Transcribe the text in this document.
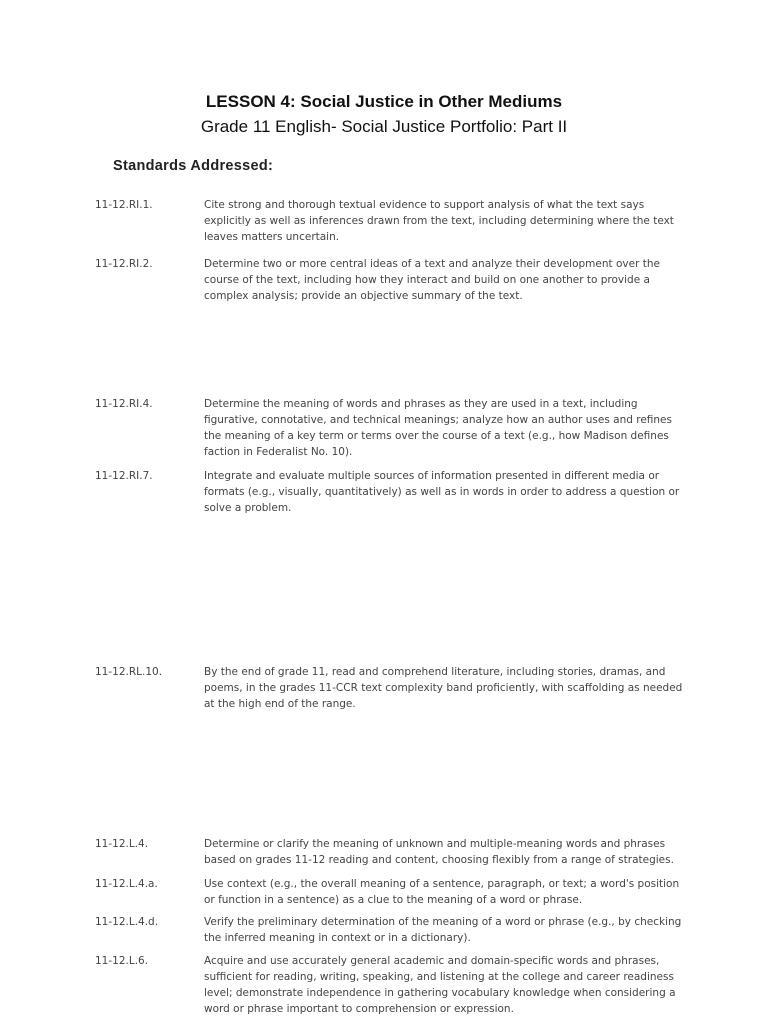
LESSON 4: Social Justice in Other Mediums
Grade 11 English- Social Justice Portfolio: Part II
Standards Addressed:
11-12.RI.1.	Cite strong and thorough textual evidence to support analysis of what the text says explicitly as well as inferences drawn from the text, including determining where the text leaves matters uncertain.
11-12.RI.2.	Determine two or more central ideas of a text and analyze their development over the course of the text, including how they interact and build on one another to provide a complex analysis; provide an objective summary of the text.
11-12.RI.4.	Determine the meaning of words and phrases as they are used in a text, including figurative, connotative, and technical meanings; analyze how an author uses and refines the meaning of a key term or terms over the course of a text (e.g., how Madison defines faction in Federalist No. 10).
11-12.RI.7.	Integrate and evaluate multiple sources of information presented in different media or formats (e.g., visually, quantitatively) as well as in words in order to address a question or solve a problem.
11-12.RL.10.	By the end of grade 11, read and comprehend literature, including stories, dramas, and poems, in the grades 11-CCR text complexity band proficiently, with scaffolding as needed at the high end of the range.
11-12.L.4.	Determine or clarify the meaning of unknown and multiple-meaning words and phrases based on grades 11-12 reading and content, choosing flexibly from a range of strategies.
11-12.L.4.a.	Use context (e.g., the overall meaning of a sentence, paragraph, or text; a word's position or function in a sentence) as a clue to the meaning of a word or phrase.
11-12.L.4.d.	Verify the preliminary determination of the meaning of a word or phrase (e.g., by checking the inferred meaning in context or in a dictionary).
11-12.L.6.	Acquire and use accurately general academic and domain-specific words and phrases, sufficient for reading, writing, speaking, and listening at the college and career readiness level; demonstrate independence in gathering vocabulary knowledge when considering a word or phrase important to comprehension or expression.
